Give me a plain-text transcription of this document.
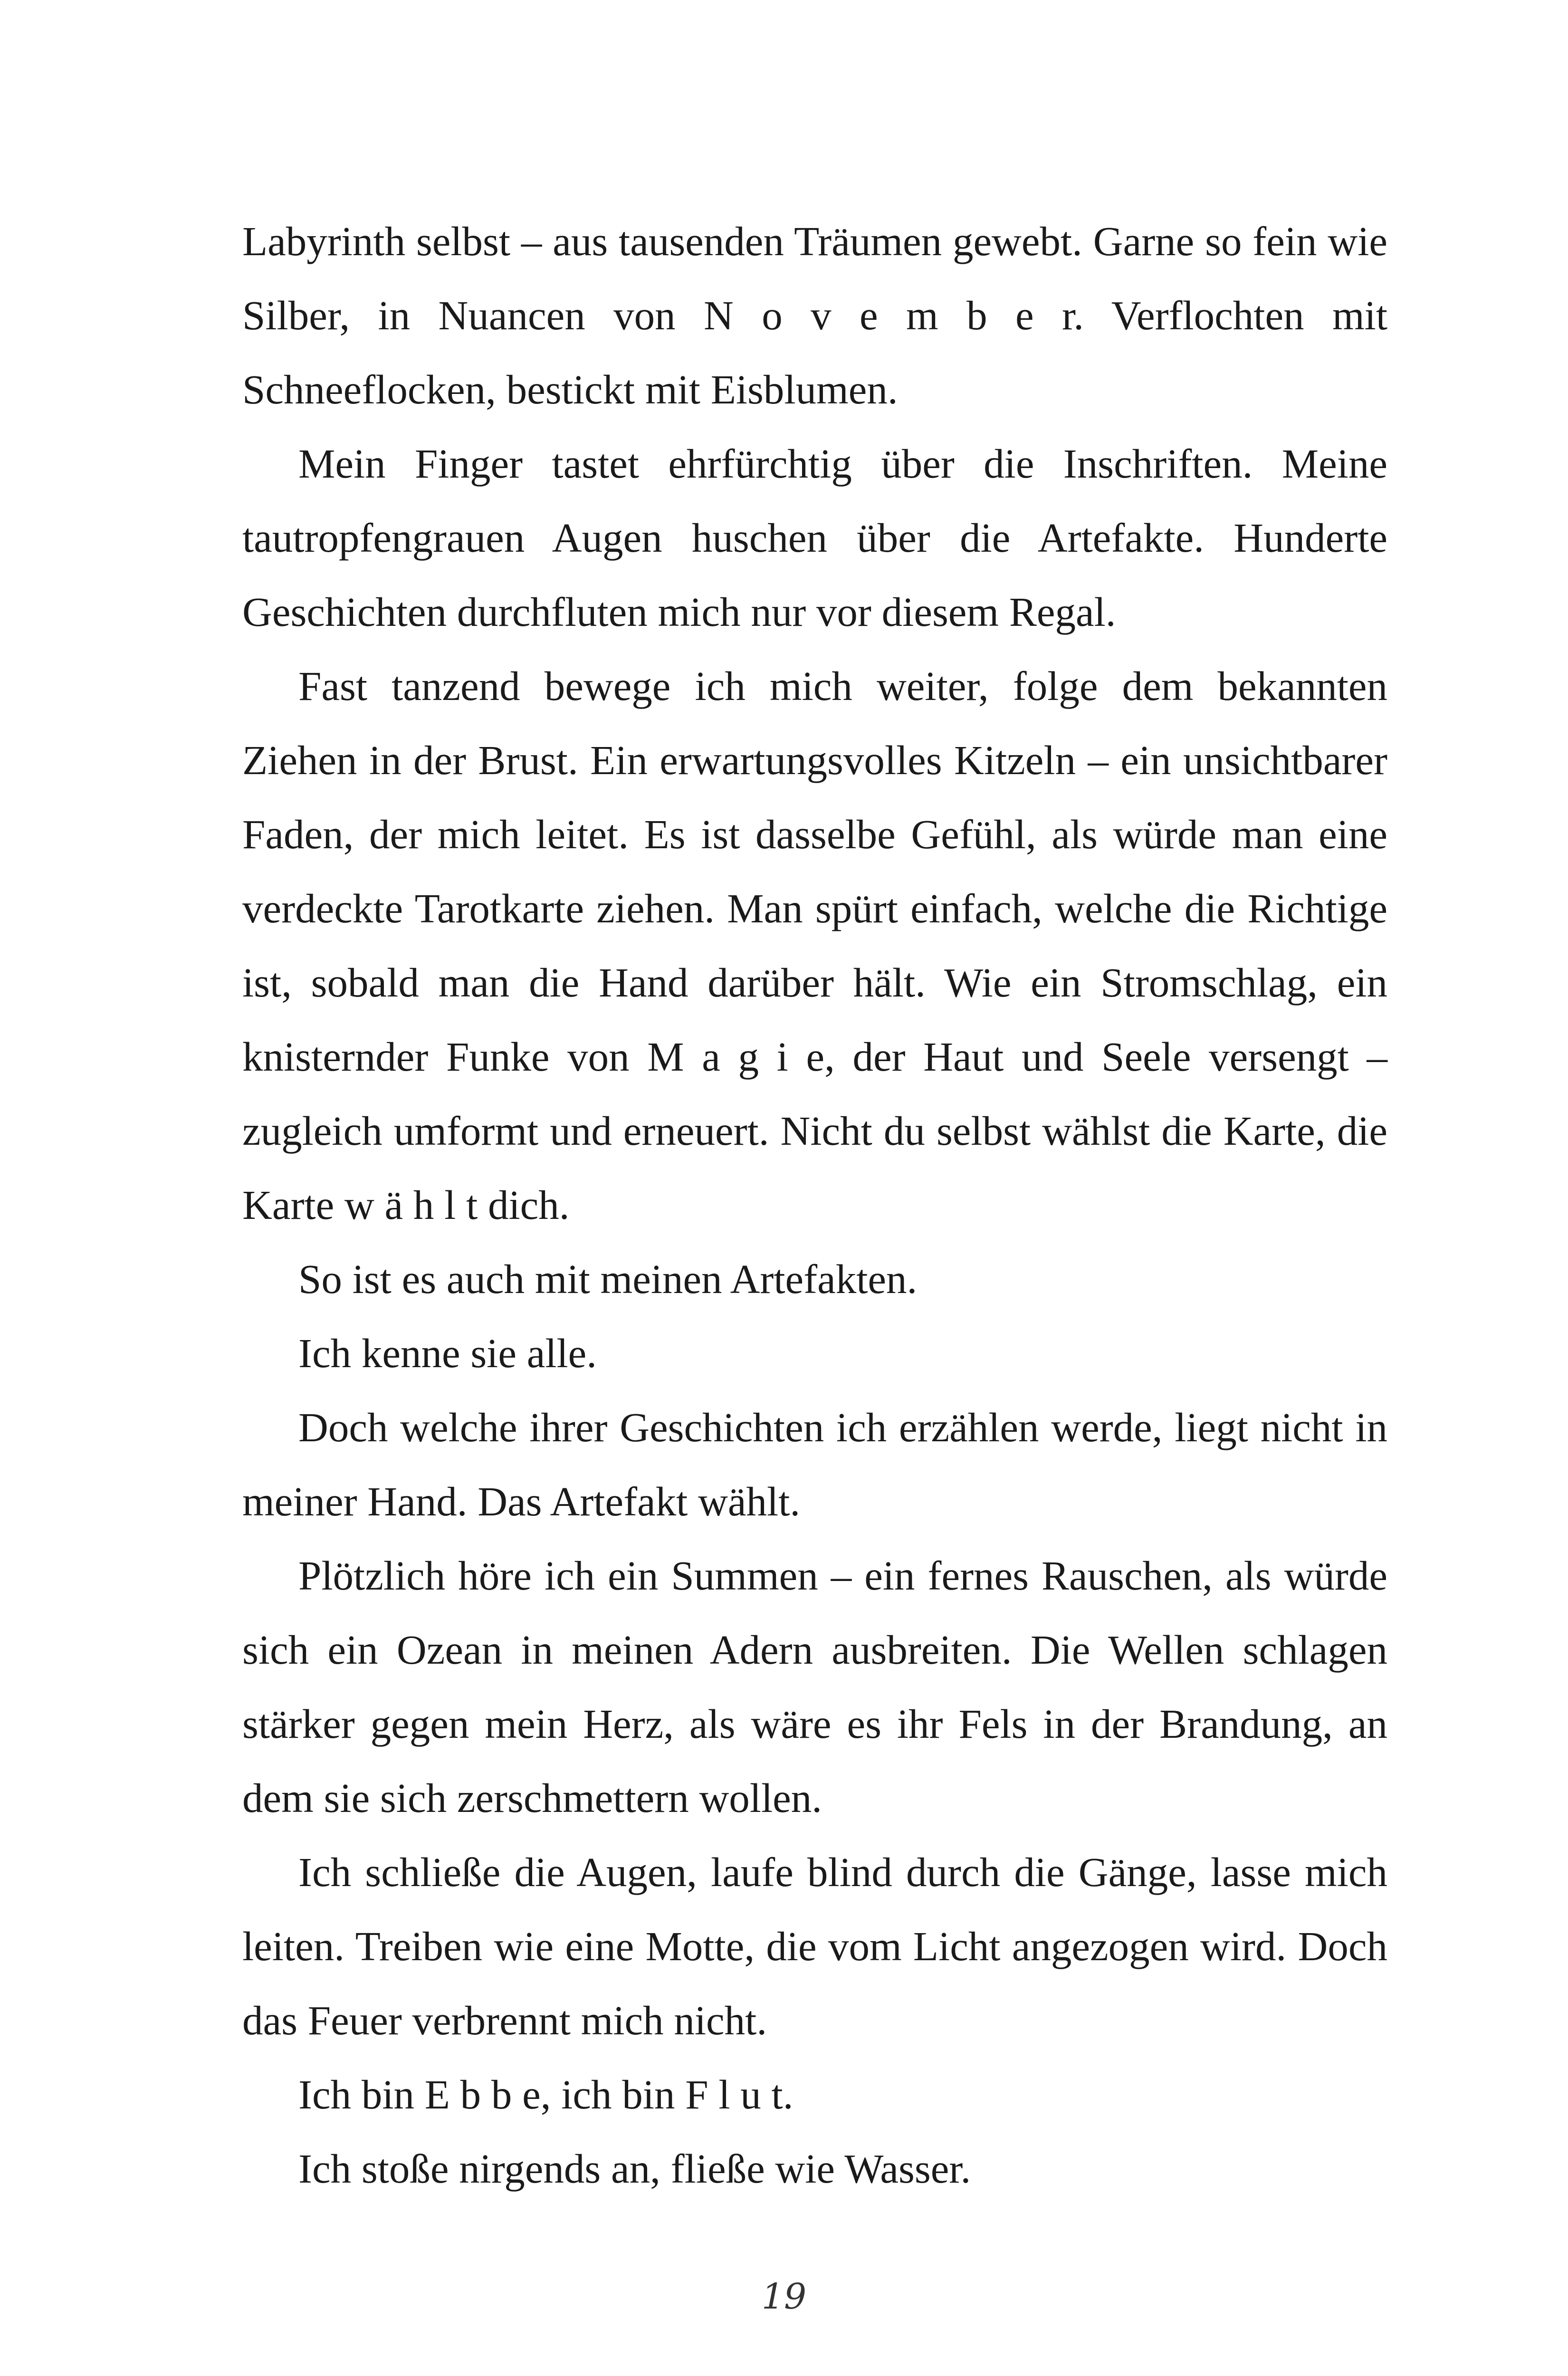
Labyrinth selbst – aus tausenden Träumen gewebt. Garne so fein wie Silber, in Nuancen von N o v e m b e r. Verflochten mit Schneeflocken, bestickt mit Eisblumen.

Mein Finger tastet ehrfürchtig über die Inschriften. Meine tautropfengrauen Augen huschen über die Artefakte. Hunderte Geschichten durchfluten mich nur vor diesem Regal.

Fast tanzend bewege ich mich weiter, folge dem bekannten Ziehen in der Brust. Ein erwartungsvolles Kitzeln – ein unsichtbarer Faden, der mich leitet. Es ist dasselbe Gefühl, als würde man eine verdeckte Tarotkarte ziehen. Man spürt einfach, welche die Richtige ist, sobald man die Hand darüber hält. Wie ein Stromschlag, ein knisternder Funke von M a g i e, der Haut und Seele versengt – zugleich umformt und erneuert. Nicht du selbst wählst die Karte, die Karte w ä h l t dich.

So ist es auch mit meinen Artefakten.

Ich kenne sie alle.

Doch welche ihrer Geschichten ich erzählen werde, liegt nicht in meiner Hand. Das Artefakt wählt.

Plötzlich höre ich ein Summen – ein fernes Rauschen, als würde sich ein Ozean in meinen Adern ausbreiten. Die Wellen schlagen stärker gegen mein Herz, als wäre es ihr Fels in der Brandung, an dem sie sich zerschmettern wollen.

Ich schließe die Augen, laufe blind durch die Gänge, lasse mich leiten. Treiben wie eine Motte, die vom Licht angezogen wird. Doch das Feuer verbrennt mich nicht.

Ich bin E b b e, ich bin F l u t.

Ich stoße nirgends an, fließe wie Wasser.

19
